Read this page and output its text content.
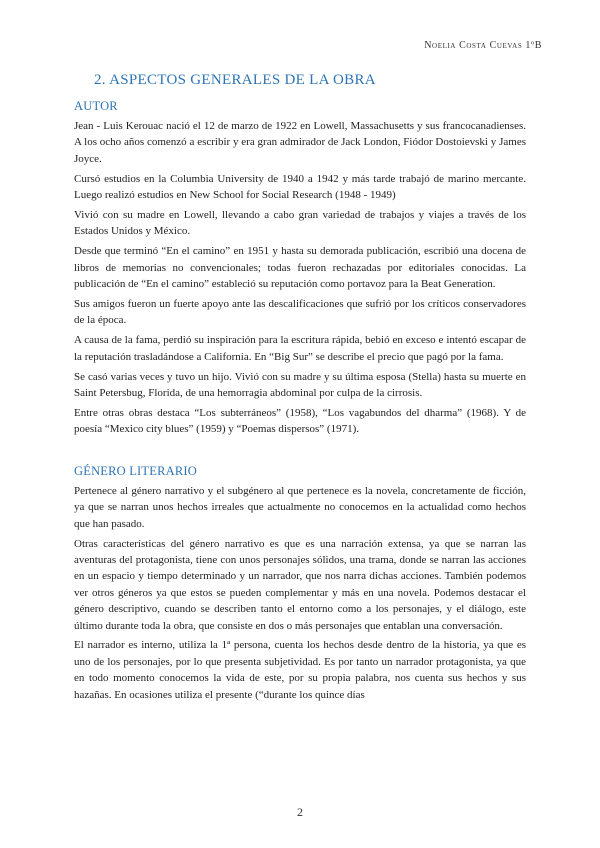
Noelia Costa Cuevas 1ºB
2. ASPECTOS GENERALES DE LA OBRA
AUTOR

Jean - Luis Kerouac nació el 12 de marzo de 1922 en Lowell, Massachusetts y sus francocanadienses. A los ocho años comenzó a escribir y era gran admirador de Jack London, Fiódor Dostoievski y James Joyce.

Cursó estudios en la Columbia University de 1940 a 1942 y más tarde trabajó de marino mercante. Luego realizó estudios en New School for Social Research (1948 - 1949)

Vivió con su madre en Lowell, llevando a cabo gran variedad de trabajos y viajes a través de los Estados Unidos y México.

Desde que terminó “En el camino” en 1951 y hasta su demorada publicación, escribió una docena de libros de memorias no convencionales; todas fueron rechazadas por editoriales conocidas. La publicación de “En el camino” estableció su reputación como portavoz para la Beat Generation.

Sus amigos fueron un fuerte apoyo ante las descalificaciones que sufrió por los críticos conservadores de la época.

A causa de la fama, perdió su inspiración para la escritura rápida, bebió en exceso e intentó escapar de la reputación trasladándose a California. En “Big Sur” se describe el precio que pagó por la fama.

Se casó varias veces y tuvo un hijo. Vivió con su madre y su última esposa (Stella) hasta su muerte en Saint Petersbug, Florida, de una hemorragia abdominal por culpa de la cirrosis.

Entre otras obras destaca “Los subterráneos” (1958), “Los vagabundos del dharma” (1968). Y de poesía “Mexico city blues” (1959) y “Poemas dispersos” (1971).

GÉNERO LITERARIO

Pertenece al género narrativo y el subgénero al que pertenece es la novela, concretamente de ficción, ya que se narran unos hechos irreales que actualmente no conocemos en la actualidad como hechos que han pasado.

Otras características del género narrativo es que es una narración extensa, ya que se narran las aventuras del protagonista, tiene con unos personajes sólidos, una trama, donde se narran las acciones en un espacio y tiempo determinado y un narrador, que nos narra dichas acciones. También podemos ver otros géneros ya que estos se pueden complementar y más en una novela. Podemos destacar el género descriptivo, cuando se describen tanto el entorno como a los personajes, y el diálogo, este último durante toda la obra, que consiste en dos o más personajes que entablan una conversación.

El narrador es interno, utiliza la 1ª persona, cuenta los hechos desde dentro de la historia, ya que es uno de los personajes, por lo que presenta subjetividad. Es por tanto un narrador protagonista, ya que en todo momento conocemos la vida de este, por su propia palabra, nos cuenta sus hechos y sus hazañas. En ocasiones utiliza el presente (“durante los quince días

2
